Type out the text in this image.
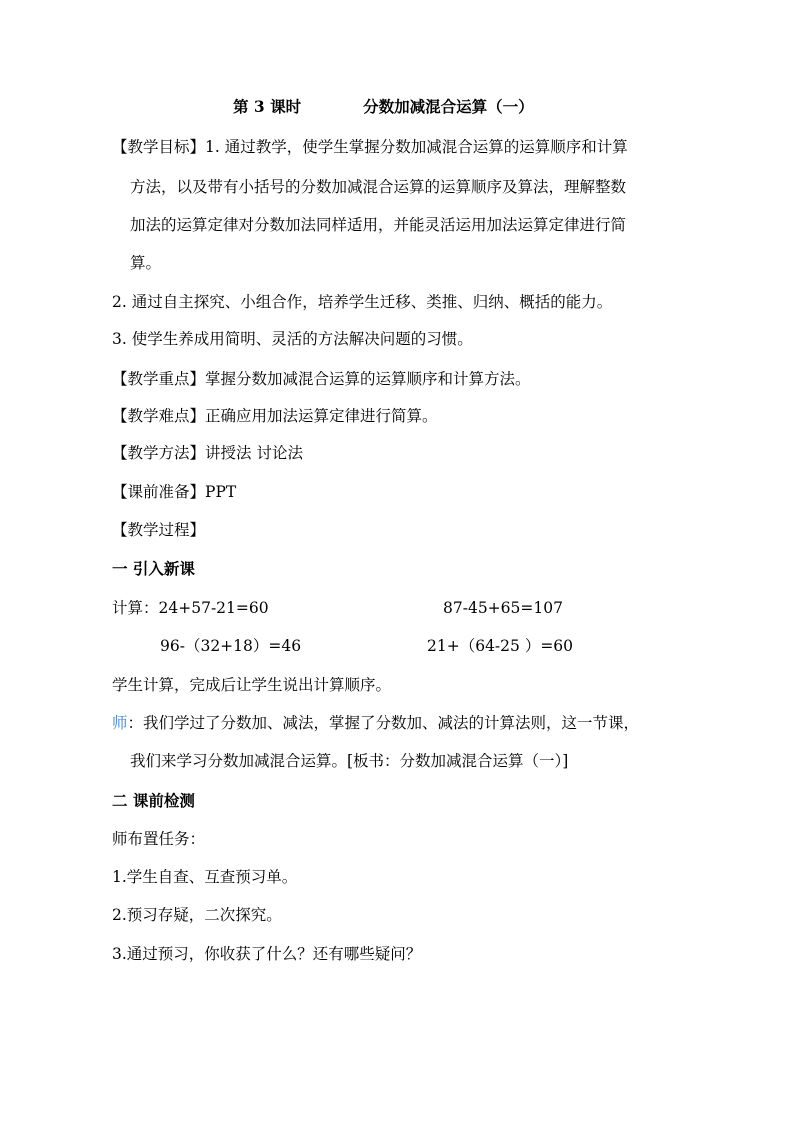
第 3 课时	分数加减混合运算（一）
【教学目标】1. 通过教学，使学生掌握分数加减混合运算的运算顺序和计算
方法，以及带有小括号的分数加减混合运算的运算顺序及算法，理解整数
加法的运算定律对分数加法同样适用，并能灵活运用加法运算定律进行简
算。
2. 通过自主探究、小组合作，培养学生迁移、类推、归纳、概括的能力。
3. 使学生养成用简明、灵活的方法解决问题的习惯。
【教学重点】掌握分数加减混合运算的运算顺序和计算方法。
【教学难点】正确应用加法运算定律进行简算。
【教学方法】讲授法 讨论法
【课前准备】PPT
【教学过程】
一 引入新课
计算：24+57-21=60	87-45+65=107
96-（32+18）=46	21+（64-25 ）=60
学生计算，完成后让学生说出计算顺序。
师：我们学过了分数加、减法，掌握了分数加、减法的计算法则，这一节课，
我们来学习分数加减混合运算。[板书：分数加减混合运算（一）]
二 课前检测
师布置任务：
1.学生自查、互查预习单。
2.预习存疑，二次探究。
3.通过预习，你收获了什么？还有哪些疑问？
